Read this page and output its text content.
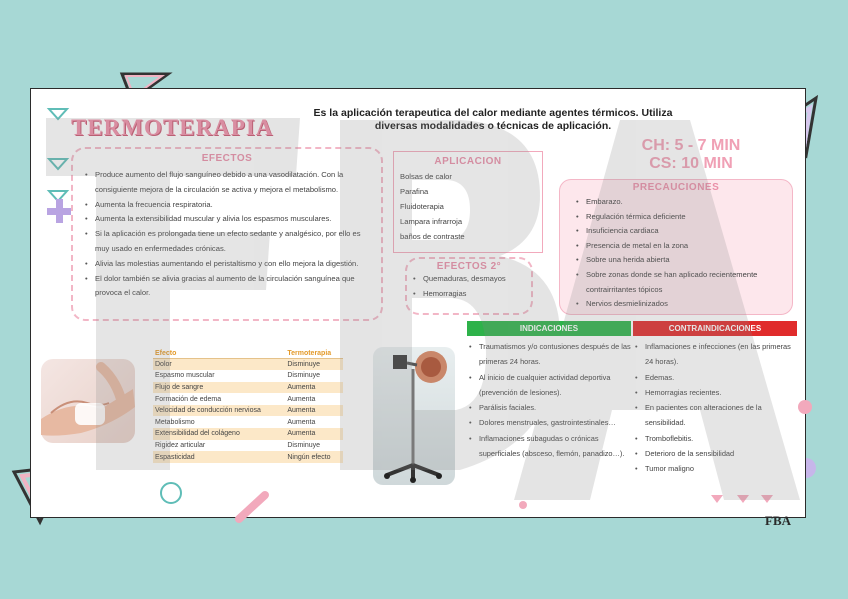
TERMOTERAPIA
Es la aplicación terapeutica del calor mediante agentes térmicos. Utiliza diversas modalidades o técnicas de aplicación.
CH: 5 - 7 MIN
CS: 10 MIN
EFECTOS
• Produce aumento del flujo sanguíneo debido a una vasodilatación. Con la consiguiente mejora de la circulación se activa y mejora el metabolismo.
• Aumenta la frecuencia respiratoria.
• Aumenta la extensibilidad muscular y alivia los espasmos musculares.
• Si la aplicación es prolongada tiene un efecto sedante y analgésico, por ello es muy usado en enfermedades crónicas.
• Alivia las molestias aumentando el peristaltismo y con ello mejora la digestión.
• El dolor también se alivia gracias al aumento de la circulación sanguínea que provoca el calor.
APLICACION
Bolsas de calor
Parafina
Fluidoterapia
Lampara infrarroja
baños de contraste
EFECTOS 2°
• Quemaduras, desmayos
• Hemorragias
PRECAUCIONES
• Embarazo.
• Regulación térmica deficiente
• Insuficiencia cardiaca
• Presencia de metal en la zona
• Sobre una herida abierta
• Sobre zonas donde se han aplicado recientemente contrairritantes tópicos
• Nervios desmielinizados
INDICACIONES	CONTRAINDICACIONES
• Traumatismos y/o contusiones después de las primeras 24 horas.
• Al inicio de cualquier actividad deportiva (prevención de lesiones).
• Parálisis faciales.
• Dolores menstruales, gastrointestinales…
• Inflamaciones subagudas o crónicas superficiales (absceso, flemón, panadizo…).
• Inflamaciones e infecciones (en las primeras 24 horas).
• Edemas.
• Hemorragias recientes.
• En pacientes con alteraciones de la sensibilidad.
• Tromboflebitis.
• Deterioro de la sensibilidad
• Tumor maligno
Efecto	Termoterapia
Dolor	Disminuye
Espasmo muscular	Disminuye
Flujo de sangre	Aumenta
Formación de edema	Aumenta
Velocidad de conducción nerviosa	Aumenta
Metabolismo	Aumenta
Extensibilidad del colágeno	Aumenta
Rigidez articular	Disminuye
Espasticidad	Ningún efecto
FBA
